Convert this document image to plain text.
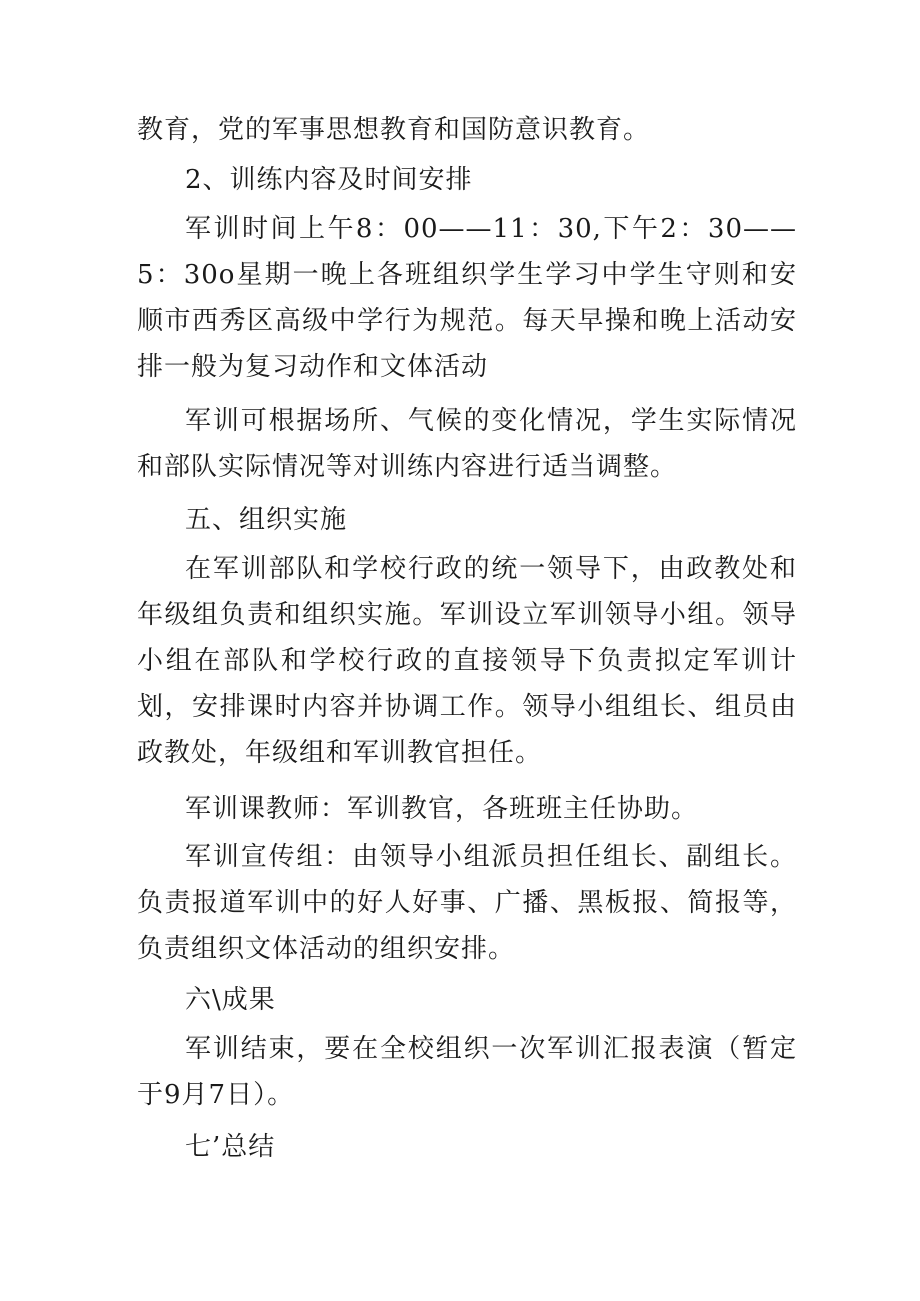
教育，党的军事思想教育和国防意识教育。

2、训练内容及时间安排

军训时间上午8：00——11：30,下午2：30——5：30o星期一晚上各班组织学生学习中学生守则和安顺市西秀区高级中学行为规范。每天早操和晚上活动安排一般为复习动作和文体活动

军训可根据场所、气候的变化情况，学生实际情况和部队实际情况等对训练内容进行适当调整。

五、组织实施

在军训部队和学校行政的统一领导下，由政教处和年级组负责和组织实施。军训设立军训领导小组。领导小组在部队和学校行政的直接领导下负责拟定军训计划，安排课时内容并协调工作。领导小组组长、组员由政教处，年级组和军训教官担任。

军训课教师：军训教官，各班班主任协助。

军训宣传组：由领导小组派员担任组长、副组长。负责报道军训中的好人好事、广播、黑板报、简报等，负责组织文体活动的组织安排。

六\成果

军训结束，要在全校组织一次军训汇报表演（暂定于9月7日）。

七’总结
